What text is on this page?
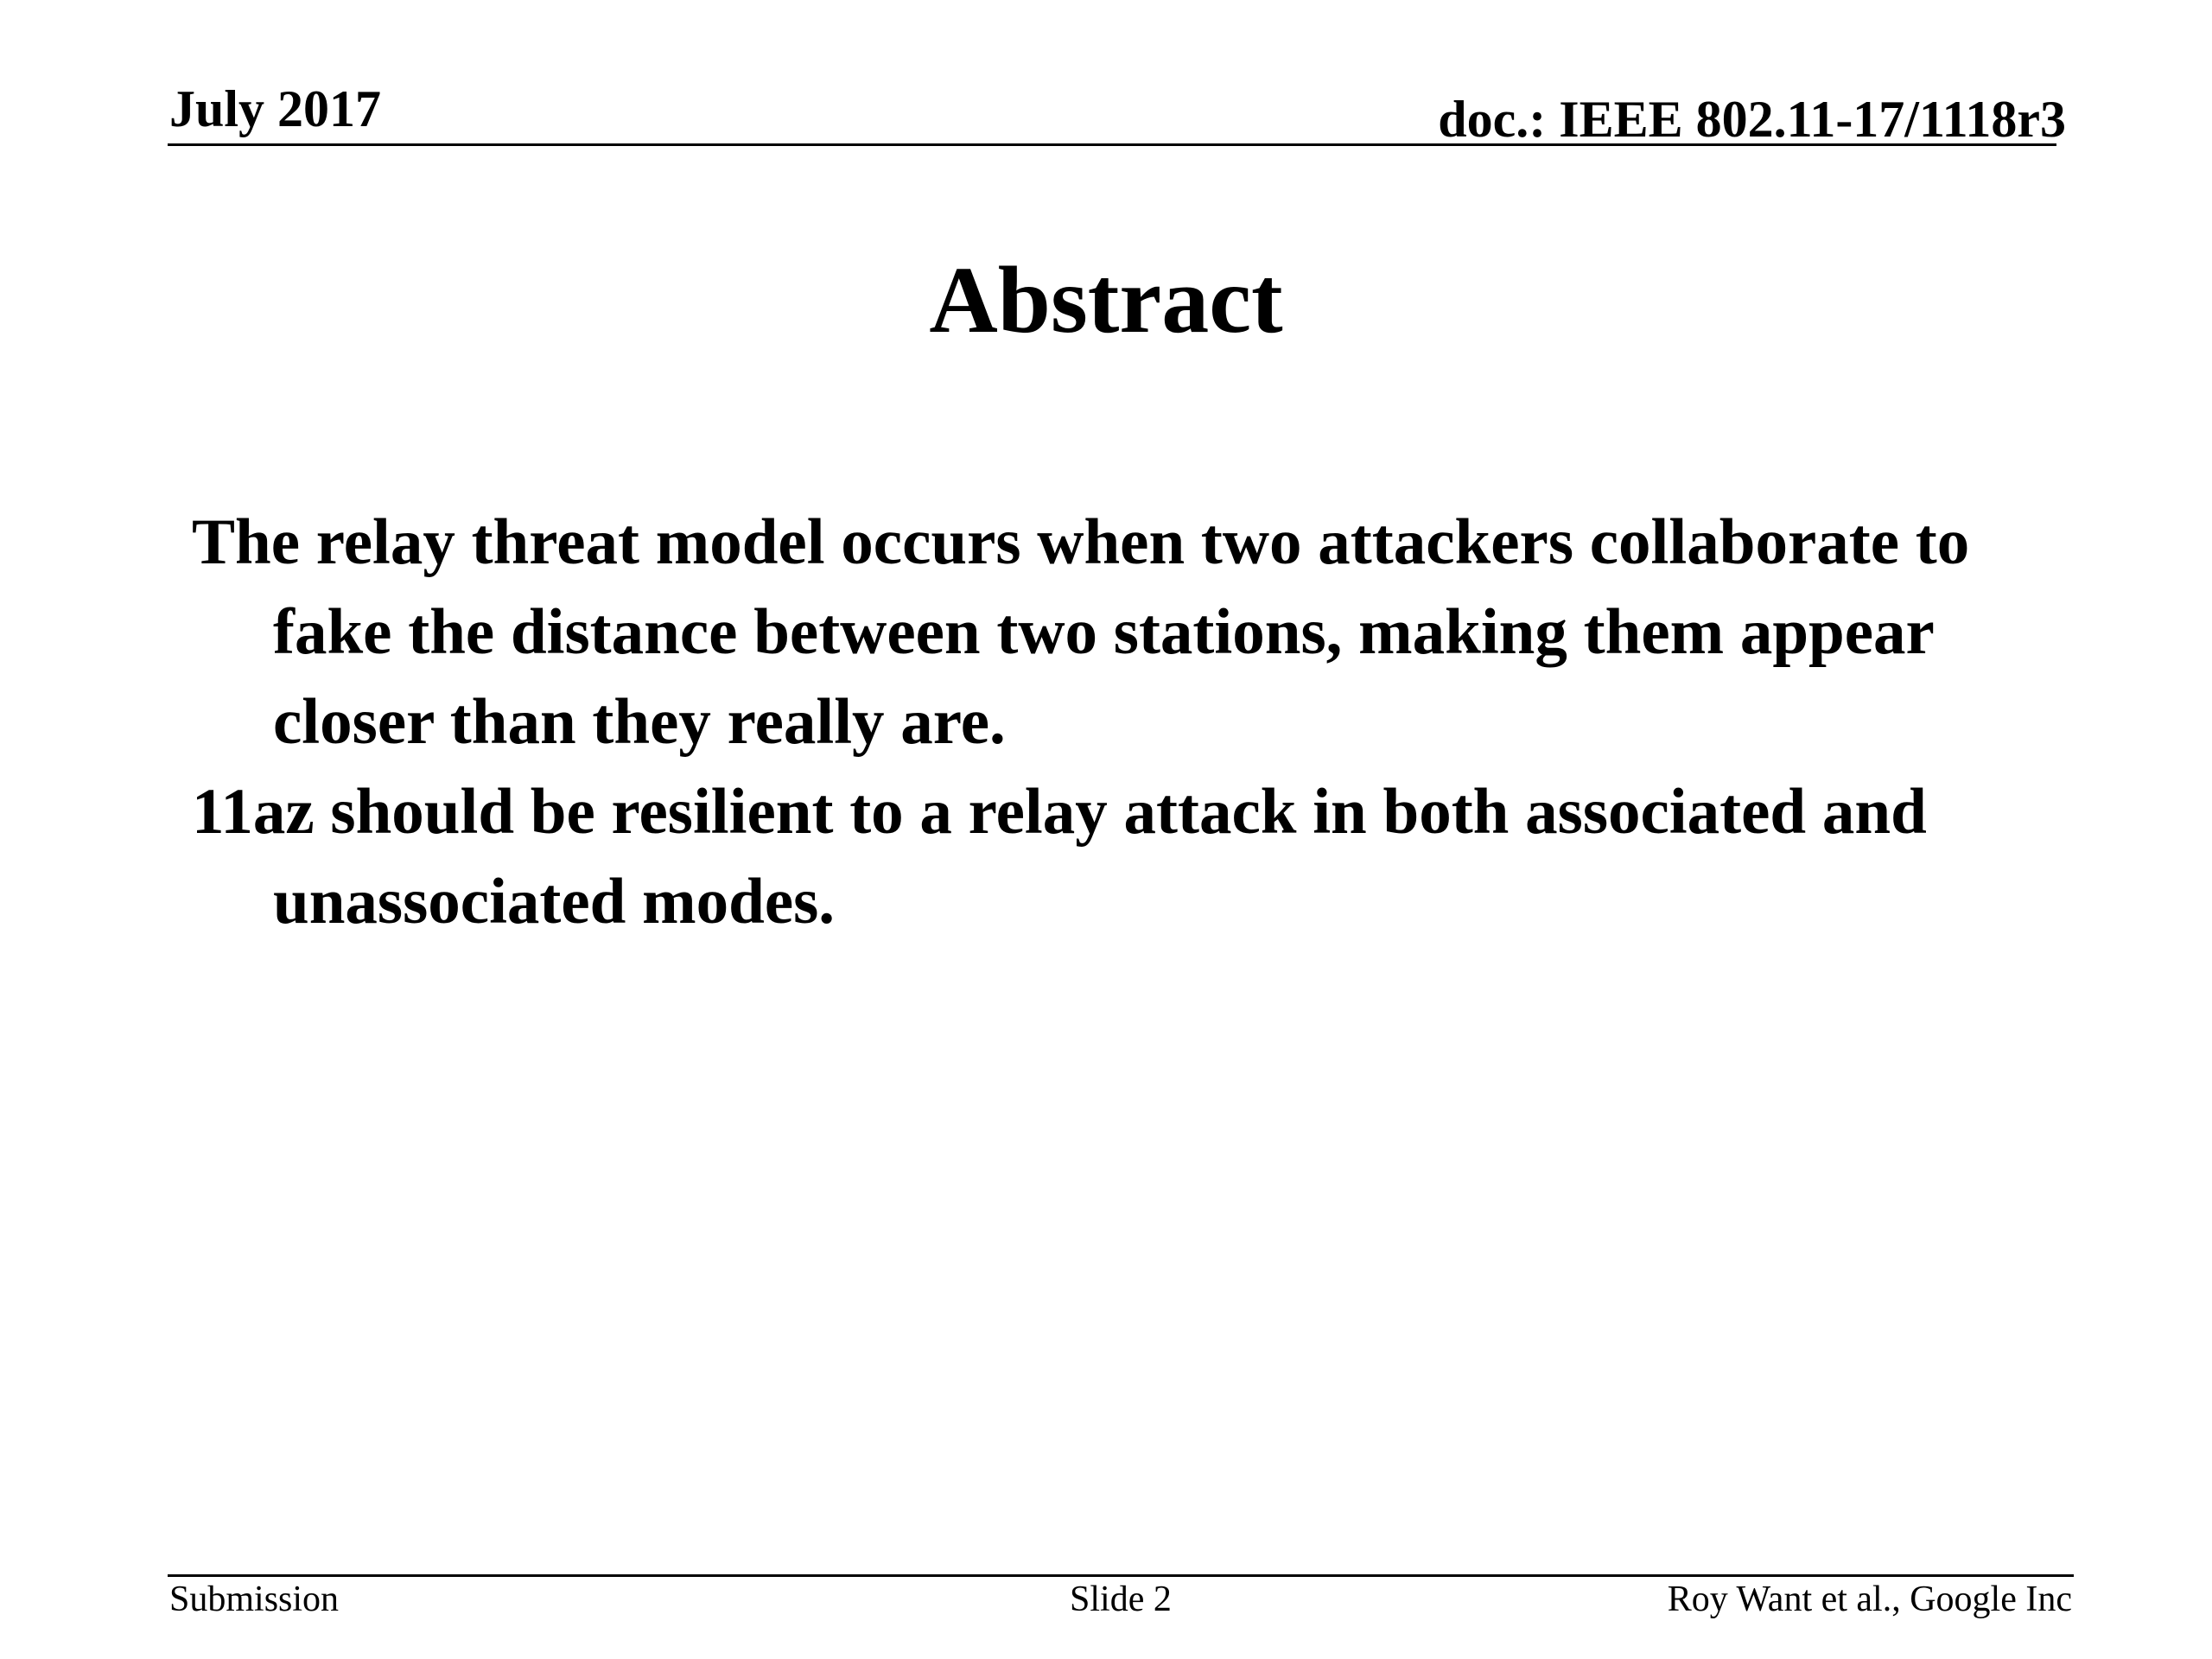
July 2017	doc.: IEEE 802.11-17/1118r3
Abstract
The relay threat model occurs when two attackers collaborate to fake the distance between two stations, making them appear closer than they really are.
11az should be resilient to a relay attack in both associated and unassociated modes.
Submission	Slide 2	Roy Want et al., Google Inc
